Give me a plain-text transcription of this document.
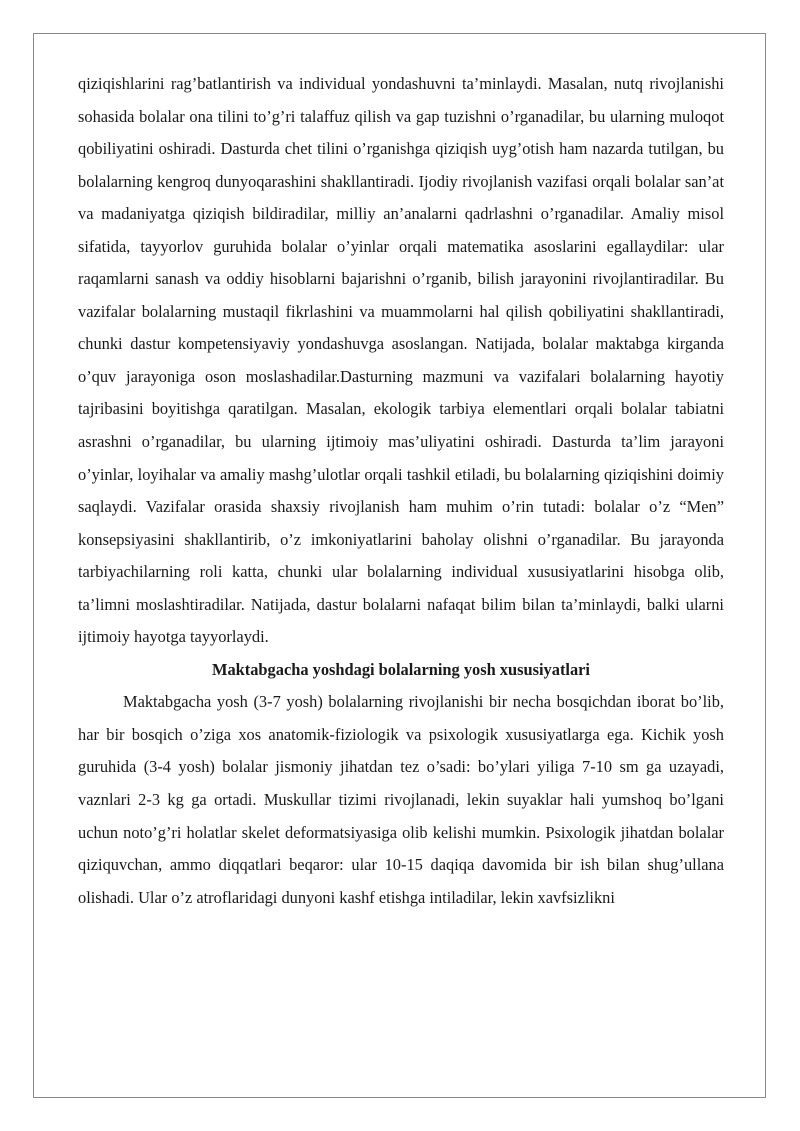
qiziqishlarini rag’batlantirish va individual yondashuvni ta’minlaydi. Masalan, nutq rivojlanishi sohasida bolalar ona tilini to’g’ri talaffuz qilish va gap tuzishni o’rganadilar, bu ularning muloqot qobiliyatini oshiradi. Dasturda chet tilini o’rganishga qiziqish uyg’otish ham nazarda tutilgan, bu bolalarning kengroq dunyoqarashini shakllantiradi. Ijodiy rivojlanish vazifasi orqali bolalar san’at va madaniyatga qiziqish bildiradilar, milliy an’analarni qadrlashni o’rganadilar. Amaliy misol sifatida, tayyorlov guruhida bolalar o’yinlar orqali matematika asoslarini egallaydilar: ular raqamlarni sanash va oddiy hisoblarni bajarishni o’rganib, bilish jarayonini rivojlantiradilar. Bu vazifalar bolalarning mustaqil fikrlashini va muammolarni hal qilish qobiliyatini shakllantiradi, chunki dastur kompetensiyaviy yondashuvga asoslangan. Natijada, bolalar maktabga kirganda o’quv jarayoniga oson moslashadilar.Dasturning mazmuni va vazifalari bolalarning hayotiy tajribasini boyitishga qaratilgan. Masalan, ekologik tarbiya elementlari orqali bolalar tabiatni asrashni o’rganadilar, bu ularning ijtimoiy mas’uliyatini oshiradi. Dasturda ta’lim jarayoni o’yinlar, loyihalar va amaliy mashg’ulotlar orqali tashkil etiladi, bu bolalarning qiziqishini doimiy saqlaydi. Vazifalar orasida shaxsiy rivojlanish ham muhim o’rin tutadi: bolalar o’z “Men” konsepsiyasini shakllantirib, o’z imkoniyatlarini baholay olishni o’rganadilar. Bu jarayonda tarbiyachilarning roli katta, chunki ular bolalarning individual xususiyatlarini hisobga olib, ta’limni moslashtiradilar. Natijada, dastur bolalarni nafaqat bilim bilan ta’minlaydi, balki ularni ijtimoiy hayotga tayyorlaydi.

Maktabgacha yoshdagi bolalarning yosh xususiyatlari

Maktabgacha yosh (3-7 yosh) bolalarning rivojlanishi bir necha bosqichdan iborat bo’lib, har bir bosqich o’ziga xos anatomik-fiziologik va psixologik xususiyatlarga ega. Kichik yosh guruhida (3-4 yosh) bolalar jismoniy jihatdan tez o’sadi: bo’ylari yiliga 7-10 sm ga uzayadi, vaznlari 2-3 kg ga ortadi. Muskullar tizimi rivojlanadi, lekin suyaklar hali yumshoq bo’lgani uchun noto’g’ri holatlar skelet deformatsiyasiga olib kelishi mumkin. Psixologik jihatdan bolalar qiziquvchan, ammo diqqatlari beqaror: ular 10-15 daqiqa davomida bir ish bilan shug’ullana olishadi. Ular o’z atroflaridagi dunyoni kashf etishga intiladilar, lekin xavfsizlikni
